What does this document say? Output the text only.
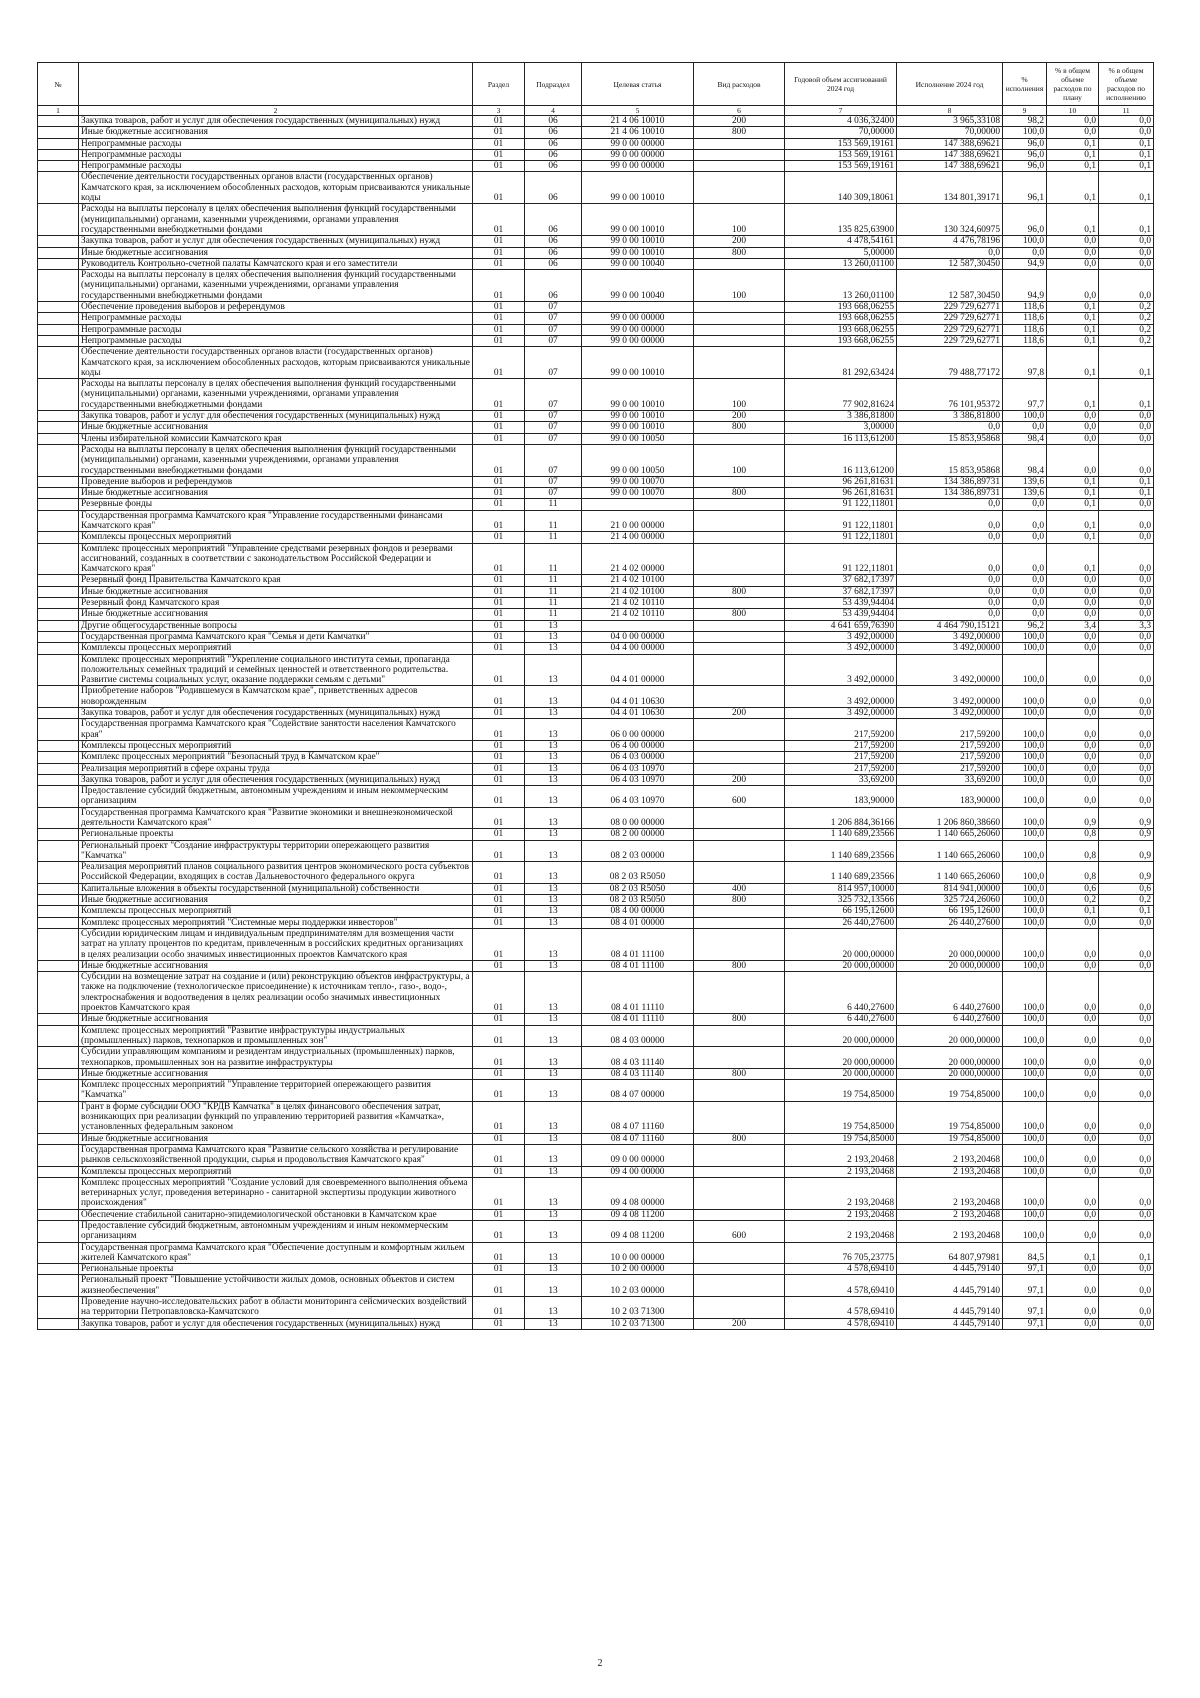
№		Раздел	Подраздел	Целевая статья	Вид расходов	Годовой объем ассигнований 2024 год	Исполнение 2024 год	% исполнения	% в общем объеме расходов по плану	% в общем объеме расходов по исполнению
1	2	3	4	5	6	7	8	9	10	11
	Закупка товаров, работ и услуг для обеспечения государственных (муниципальных) нужд	01	06	21 4 06 10010	200	4 036,32400	3 965,33108	98,2	0,0	0,0
	Иные бюджетные ассигнования	01	06	21 4 06 10010	800	70,00000	70,00000	100,0	0,0	0,0
	Непрограммные расходы	01	06	99 0 00 00000		153 569,19161	147 388,69621	96,0	0,1	0,1
	Непрограммные расходы	01	06	99 0 00 00000		153 569,19161	147 388,69621	96,0	0,1	0,1
	Непрограммные расходы	01	06	99 0 00 00000		153 569,19161	147 388,69621	96,0	0,1	0,1
	Обеспечение деятельности государственных органов власти (государственных органов) Камчатского края, за исключением обособленных расходов, которым присваиваются уникальные коды	01	06	99 0 00 10010		140 309,18061	134 801,39171	96,1	0,1	0,1
	Расходы на выплаты персоналу в целях обеспечения выполнения функций государственными (муниципальными) органами, казенными учреждениями, органами управления государственными внебюджетными фондами	01	06	99 0 00 10010	100	135 825,63900	130 324,60975	96,0	0,1	0,1
	Закупка товаров, работ и услуг для обеспечения государственных (муниципальных) нужд	01	06	99 0 00 10010	200	4 478,54161	4 476,78196	100,0	0,0	0,0
	Иные бюджетные ассигнования	01	06	99 0 00 10010	800	5,00000	0,0	0,0	0,0	0,0
	Руководитель Контрольно-счетной палаты Камчатского края и его заместители	01	06	99 0 00 10040		13 260,01100	12 587,30450	94,9	0,0	0,0
	Расходы на выплаты персоналу в целях обеспечения выполнения функций государственными (муниципальными) органами, казенными учреждениями, органами управления государственными внебюджетными фондами	01	06	99 0 00 10040	100	13 260,01100	12 587,30450	94,9	0,0	0,0
	Обеспечение проведения выборов и референдумов	01	07			193 668,06255	229 729,62771	118,6	0,1	0,2
	Непрограммные расходы	01	07	99 0 00 00000		193 668,06255	229 729,62771	118,6	0,1	0,2
	Непрограммные расходы	01	07	99 0 00 00000		193 668,06255	229 729,62771	118,6	0,1	0,2
	Непрограммные расходы	01	07	99 0 00 00000		193 668,06255	229 729,62771	118,6	0,1	0,2
	Обеспечение деятельности государственных органов власти (государственных органов) Камчатского края, за исключением обособленных расходов, которым присваиваются уникальные коды	01	07	99 0 00 10010		81 292,63424	79 488,77172	97,8	0,1	0,1
	Расходы на выплаты персоналу в целях обеспечения выполнения функций государственными (муниципальными) органами, казенными учреждениями, органами управления государственными внебюджетными фондами	01	07	99 0 00 10010	100	77 902,81624	76 101,95372	97,7	0,1	0,1
	Закупка товаров, работ и услуг для обеспечения государственных (муниципальных) нужд	01	07	99 0 00 10010	200	3 386,81800	3 386,81800	100,0	0,0	0,0
	Иные бюджетные ассигнования	01	07	99 0 00 10010	800	3,00000	0,0	0,0	0,0	0,0
	Члены избирательной комиссии Камчатского края	01	07	99 0 00 10050		16 113,61200	15 853,95868	98,4	0,0	0,0
	Расходы на выплаты персоналу в целях обеспечения выполнения функций государственными (муниципальными) органами, казенными учреждениями, органами управления государственными внебюджетными фондами	01	07	99 0 00 10050	100	16 113,61200	15 853,95868	98,4	0,0	0,0
	Проведение выборов и референдумов	01	07	99 0 00 10070		96 261,81631	134 386,89731	139,6	0,1	0,1
	Иные бюджетные ассигнования	01	07	99 0 00 10070	800	96 261,81631	134 386,89731	139,6	0,1	0,1
	Резервные фонды	01	11			91 122,11801	0,0	0,0	0,1	0,0
	Государственная программа Камчатского края "Управление государственными финансами Камчатского края"	01	11	21 0 00 00000		91 122,11801	0,0	0,0	0,1	0,0
	Комплексы процессных мероприятий	01	11	21 4 00 00000		91 122,11801	0,0	0,0	0,1	0,0
	Комплекс процессных мероприятий "Управление средствами резервных фондов и резервами ассигнований, созданных в соответствии с законодательством Российской Федерации и Камчатского края"	01	11	21 4 02 00000		91 122,11801	0,0	0,0	0,1	0,0
	Резервный фонд Правительства Камчатского края	01	11	21 4 02 10100		37 682,17397	0,0	0,0	0,0	0,0
	Иные бюджетные ассигнования	01	11	21 4 02 10100	800	37 682,17397	0,0	0,0	0,0	0,0
	Резервный фонд Камчатского края	01	11	21 4 02 10110		53 439,94404	0,0	0,0	0,0	0,0
	Иные бюджетные ассигнования	01	11	21 4 02 10110	800	53 439,94404	0,0	0,0	0,0	0,0
	Другие общегосударственные вопросы	01	13			4 641 659,76390	4 464 790,15121	96,2	3,4	3,3
	Государственная программа Камчатского края "Семья и дети Камчатки"	01	13	04 0 00 00000		3 492,00000	3 492,00000	100,0	0,0	0,0
	Комплексы процессных мероприятий	01	13	04 4 00 00000		3 492,00000	3 492,00000	100,0	0,0	0,0
	Комплекс процессных мероприятий "Укрепление социального института семьи, пропаганда положительных семейных традиций и семейных ценностей и ответственного родительства. Развитие системы социальных услуг, оказание поддержки семьям с детьми"	01	13	04 4 01 00000		3 492,00000	3 492,00000	100,0	0,0	0,0
	Приобретение наборов "Родившемуся в Камчатском крае", приветственных адресов новорожденным	01	13	04 4 01 10630		3 492,00000	3 492,00000	100,0	0,0	0,0
	Закупка товаров, работ и услуг для обеспечения государственных (муниципальных) нужд	01	13	04 4 01 10630	200	3 492,00000	3 492,00000	100,0	0,0	0,0
	Государственная программа Камчатского края "Содействие занятости населения Камчатского края"	01	13	06 0 00 00000		217,59200	217,59200	100,0	0,0	0,0
	Комплексы процессных мероприятий	01	13	06 4 00 00000		217,59200	217,59200	100,0	0,0	0,0
	Комплекс процессных мероприятий "Безопасный труд в Камчатском крае"	01	13	06 4 03 00000		217,59200	217,59200	100,0	0,0	0,0
	Реализация мероприятий в сфере охраны труда	01	13	06 4 03 10970		217,59200	217,59200	100,0	0,0	0,0
	Закупка товаров, работ и услуг для обеспечения государственных (муниципальных) нужд	01	13	06 4 03 10970	200	33,69200	33,69200	100,0	0,0	0,0
	Предоставление субсидий бюджетным, автономным учреждениям и иным некоммерческим организациям	01	13	06 4 03 10970	600	183,90000	183,90000	100,0	0,0	0,0
	Государственная программа Камчатского края "Развитие экономики и внешнеэкономической деятельности Камчатского края"	01	13	08 0 00 00000		1 206 884,36166	1 206 860,38660	100,0	0,9	0,9
	Региональные проекты	01	13	08 2 00 00000		1 140 689,23566	1 140 665,26060	100,0	0,8	0,9
	Региональный проект "Создание инфраструктуры территории опережающего развития "Камчатка"	01	13	08 2 03 00000		1 140 689,23566	1 140 665,26060	100,0	0,8	0,9
	Реализация мероприятий планов социального развития центров экономического роста субъектов Российской Федерации, входящих в состав Дальневосточного федерального округа	01	13	08 2 03 R5050		1 140 689,23566	1 140 665,26060	100,0	0,8	0,9
	Капитальные вложения в объекты государственной (муниципальной) собственности	01	13	08 2 03 R5050	400	814 957,10000	814 941,00000	100,0	0,6	0,6
	Иные бюджетные ассигнования	01	13	08 2 03 R5050	800	325 732,13566	325 724,26060	100,0	0,2	0,2
	Комплексы процессных мероприятий	01	13	08 4 00 00000		66 195,12600	66 195,12600	100,0	0,1	0,1
	Комплекс процессных мероприятий "Системные меры поддержки инвесторов"	01	13	08 4 01 00000		26 440,27600	26 440,27600	100,0	0,0	0,0
	Субсидии юридическим лицам и индивидуальным предпринимателям для возмещения части затрат на уплату процентов по кредитам, привлеченным в российских кредитных организациях в целях реализации особо значимых инвестиционных проектов Камчатского края	01	13	08 4 01 11100		20 000,00000	20 000,00000	100,0	0,0	0,0
	Иные бюджетные ассигнования	01	13	08 4 01 11100	800	20 000,00000	20 000,00000	100,0	0,0	0,0
	Субсидии на возмещение затрат на создание и (или) реконструкцию объектов инфраструктуры, а также на подключение (технологическое присоединение) к источникам тепло-, газо-, водо-, электроснабжения и водоотведения в целях реализации особо значимых инвестиционных проектов Камчатского края	01	13	08 4 01 11110		6 440,27600	6 440,27600	100,0	0,0	0,0
	Иные бюджетные ассигнования	01	13	08 4 01 11110	800	6 440,27600	6 440,27600	100,0	0,0	0,0
	Комплекс процессных мероприятий "Развитие инфраструктуры индустриальных (промышленных) парков, технопарков и промышленных зон"	01	13	08 4 03 00000		20 000,00000	20 000,00000	100,0	0,0	0,0
	Субсидии управляющим компаниям и резидентам индустриальных (промышленных) парков, технопарков, промышленных зон на развитие инфраструктуры	01	13	08 4 03 11140		20 000,00000	20 000,00000	100,0	0,0	0,0
	Иные бюджетные ассигнования	01	13	08 4 03 11140	800	20 000,00000	20 000,00000	100,0	0,0	0,0
	Комплекс процессных мероприятий "Управление территорией опережающего развития "Камчатка"	01	13	08 4 07 00000		19 754,85000	19 754,85000	100,0	0,0	0,0
	Грант в форме субсидии ООО "КРДВ Камчатка" в целях финансового обеспечения затрат, возникающих при реализации функций по управлению территорией развития «Камчатка», установленных федеральным законом	01	13	08 4 07 11160		19 754,85000	19 754,85000	100,0	0,0	0,0
	Иные бюджетные ассигнования	01	13	08 4 07 11160	800	19 754,85000	19 754,85000	100,0	0,0	0,0
	Государственная программа Камчатского края "Развитие сельского хозяйства и регулирование рынков сельскохозяйственной продукции, сырья и продовольствия Камчатского края"	01	13	09 0 00 00000		2 193,20468	2 193,20468	100,0	0,0	0,0
	Комплексы процессных мероприятий	01	13	09 4 00 00000		2 193,20468	2 193,20468	100,0	0,0	0,0
	Комплекс процессных мероприятий "Создание условий для своевременного выполнения объема ветеринарных услуг, проведения ветеринарно - санитарной экспертизы продукции животного происхождения"	01	13	09 4 08 00000		2 193,20468	2 193,20468	100,0	0,0	0,0
	Обеспечение стабильной санитарно-эпидемиологической обстановки в Камчатском крае	01	13	09 4 08 11200		2 193,20468	2 193,20468	100,0	0,0	0,0
	Предоставление субсидий бюджетным, автономным учреждениям и иным некоммерческим организациям	01	13	09 4 08 11200	600	2 193,20468	2 193,20468	100,0	0,0	0,0
	Государственная программа Камчатского края "Обеспечение доступным и комфортным жильем жителей Камчатского края"	01	13	10 0 00 00000		76 705,23775	64 807,97981	84,5	0,1	0,1
	Региональные проекты	01	13	10 2 00 00000		4 578,69410	4 445,79140	97,1	0,0	0,0
	Региональный проект "Повышение устойчивости жилых домов, основных объектов и систем жизнеобеспечения"	01	13	10 2 03 00000		4 578,69410	4 445,79140	97,1	0,0	0,0
	Проведение научно-исследовательских работ в области мониторинга сейсмических воздействий на территории Петропавловска-Камчатского	01	13	10 2 03 71300		4 578,69410	4 445,79140	97,1	0,0	0,0
	Закупка товаров, работ и услуг для обеспечения государственных (муниципальных) нужд	01	13	10 2 03 71300	200	4 578,69410	4 445,79140	97,1	0,0	0,0
2
